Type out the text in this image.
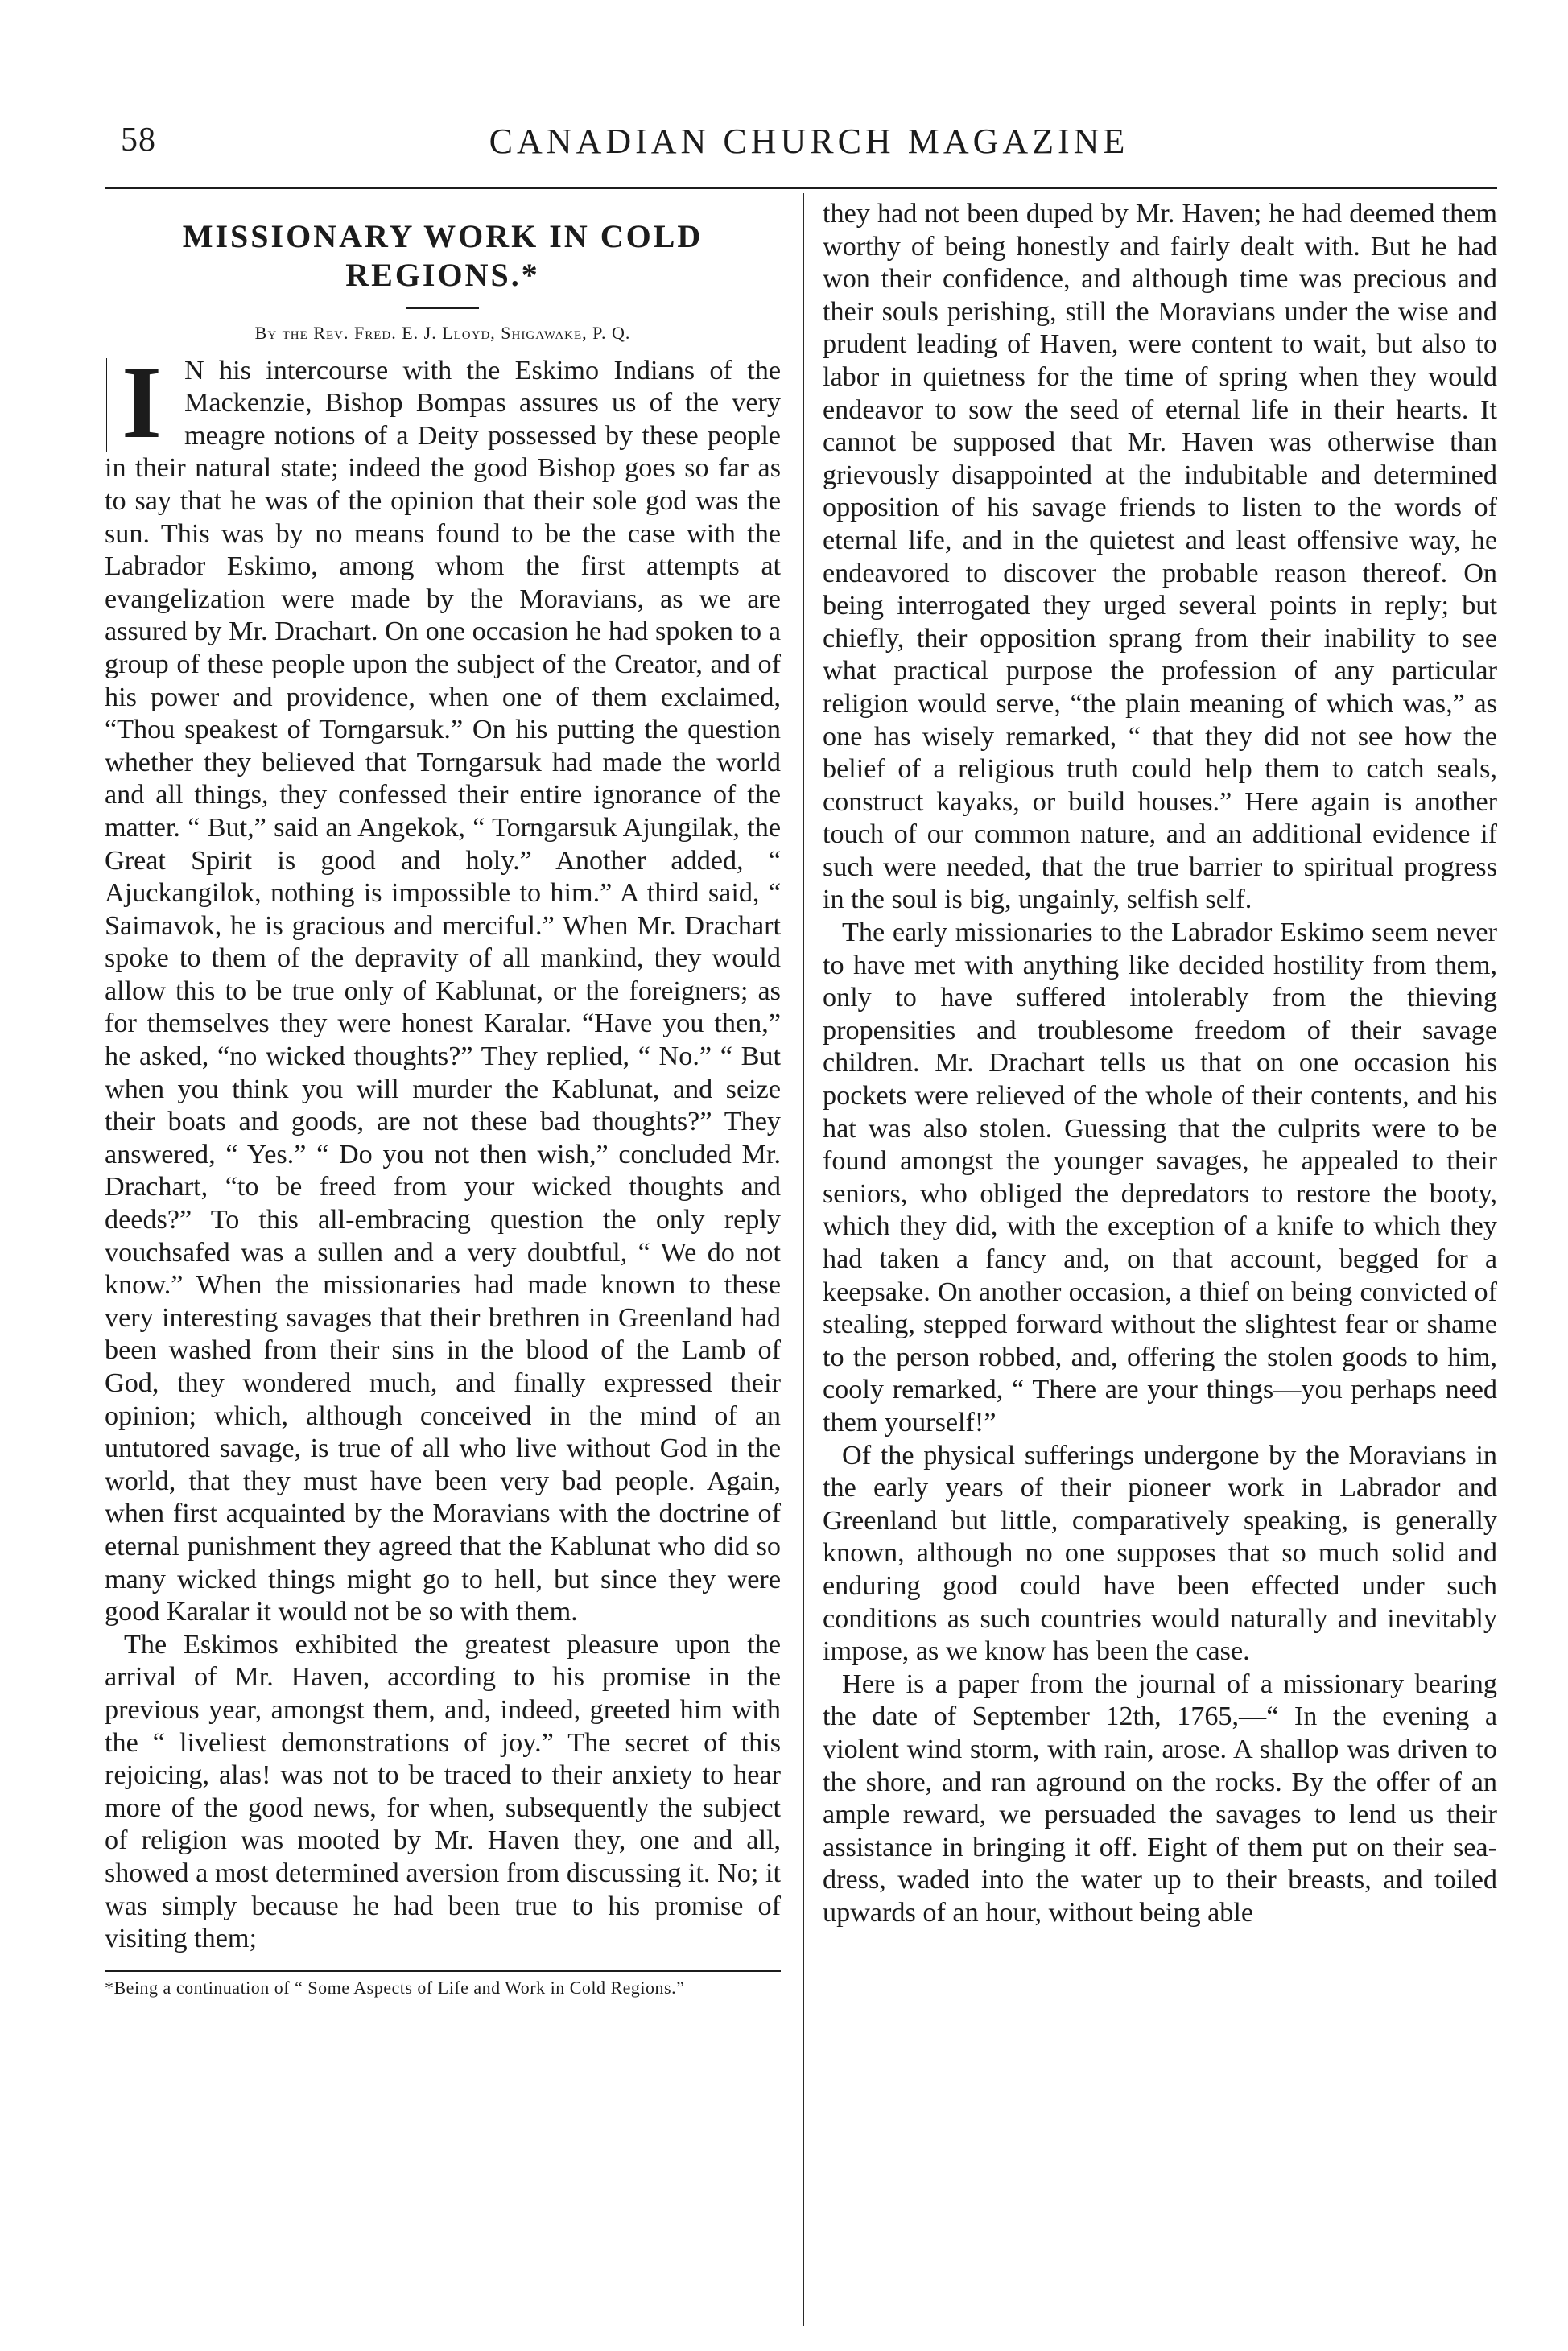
58	CANADIAN CHURCH MAGAZINE
MISSIONARY WORK IN COLD REGIONS.*
By the Rev. Fred. E. J. Lloyd, Shigawake, P. Q.

I N his intercourse with the Eskimo Indians of the Mackenzie, Bishop Bompas assures us of the very meagre notions of a Deity possessed by these people in their natural state; indeed the good Bishop goes so far as to say that he was of the opinion that their sole god was the sun. This was by no means found to be the case with the Labrador Eskimo, among whom the first attempts at evangelization were made by the Moravians, as we are assured by Mr. Drachart. On one occasion he had spoken to a group of these people upon the subject of the Creator, and of his power and providence, when one of them exclaimed, “Thou speakest of Torngarsuk.” On his putting the question whether they believed that Torngarsuk had made the world and all things, they confessed their entire ignorance of the matter. “ But,” said an Angekok, “ Torngarsuk Ajungilak, the Great Spirit is good and holy.” Another added, “ Ajuckangilok, nothing is impossible to him.” A third said, “ Saimavok, he is gracious and merciful.” When Mr. Drachart spoke to them of the depravity of all mankind, they would allow this to be true only of Kablunat, or the foreigners; as for themselves they were honest Karalar. “Have you then,” he asked, “no wicked thoughts?” They replied, “ No.” “ But when you think you will murder the Kablunat, and seize their boats and goods, are not these bad thoughts?” They answered, “ Yes.” “ Do you not then wish,” concluded Mr. Drachart, “to be freed from your wicked thoughts and deeds?” To this all-embracing question the only reply vouchsafed was a sullen and a very doubtful, “ We do not know.” When the missionaries had made known to these very interesting savages that their brethren in Greenland had been washed from their sins in the blood of the Lamb of God, they wondered much, and finally expressed their opinion; which, although conceived in the mind of an untutored savage, is true of all who live without God in the world, that they must have been very bad people. Again, when first acquainted by the Moravians with the doctrine of eternal punishment they agreed that the Kablunat who did so many wicked things might go to hell, but since they were good Karalar it would not be so with them.

The Eskimos exhibited the greatest pleasure upon the arrival of Mr. Haven, according to his promise in the previous year, amongst them, and, indeed, greeted him with the “ liveliest demonstrations of joy.” The secret of this rejoicing, alas! was not to be traced to their anxiety to hear more of the good news, for when, subsequently the subject of religion was mooted by Mr. Haven they, one and all, showed a most determined aversion from discussing it. No; it was simply because he had been true to his promise of visiting them;

*Being a continuation of “ Some Aspects of Life and Work in Cold Regions.”

they had not been duped by Mr. Haven; he had deemed them worthy of being honestly and fairly dealt with. But he had won their confidence, and although time was precious and their souls perishing, still the Moravians under the wise and prudent leading of Haven, were content to wait, but also to labor in quietness for the time of spring when they would endeavor to sow the seed of eternal life in their hearts. It cannot be supposed that Mr. Haven was otherwise than grievously disappointed at the indubitable and determined opposition of his savage friends to listen to the words of eternal life, and in the quietest and least offensive way, he endeavored to discover the probable reason thereof. On being interrogated they urged several points in reply; but chiefly, their opposition sprang from their inability to see what practical purpose the profession of any particular religion would serve, “the plain meaning of which was,” as one has wisely remarked, “ that they did not see how the belief of a religious truth could help them to catch seals, construct kayaks, or build houses.” Here again is another touch of our common nature, and an additional evidence if such were needed, that the true barrier to spiritual progress in the soul is big, ungainly, selfish self.

The early missionaries to the Labrador Eskimo seem never to have met with anything like decided hostility from them, only to have suffered intolerably from the thieving propensities and troublesome freedom of their savage children. Mr. Drachart tells us that on one occasion his pockets were relieved of the whole of their contents, and his hat was also stolen. Guessing that the culprits were to be found amongst the younger savages, he appealed to their seniors, who obliged the depredators to restore the booty, which they did, with the exception of a knife to which they had taken a fancy and, on that account, begged for a keepsake. On another occasion, a thief on being convicted of stealing, stepped forward without the slightest fear or shame to the person robbed, and, offering the stolen goods to him, cooly remarked, “ There are your things—you perhaps need them yourself!”

Of the physical sufferings undergone by the Moravians in the early years of their pioneer work in Labrador and Greenland but little, comparatively speaking, is generally known, although no one supposes that so much solid and enduring good could have been effected under such conditions as such countries would naturally and inevitably impose, as we know has been the case.

Here is a paper from the journal of a missionary bearing the date of September 12th, 1765,—“ In the evening a violent wind storm, with rain, arose. A shallop was driven to the shore, and ran aground on the rocks. By the offer of an ample reward, we persuaded the savages to lend us their assistance in bringing it off. Eight of them put on their sea-dress, waded into the water up to their breasts, and toiled upwards of an hour, without being able
